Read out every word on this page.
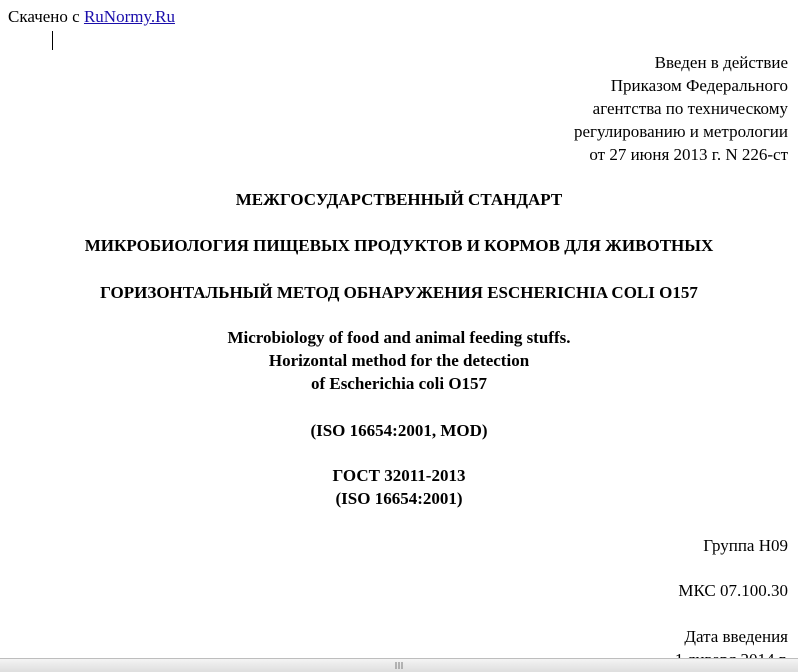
Скачено с RuNormy.Ru
Введен в действие
Приказом Федерального
агентства по техническому
регулированию и метрологии
от 27 июня 2013 г. N 226-ст
МЕЖГОСУДАРСТВЕННЫЙ СТАНДАРТ
МИКРОБИОЛОГИЯ ПИЩЕВЫХ ПРОДУКТОВ И КОРМОВ ДЛЯ ЖИВОТНЫХ
ГОРИЗОНТАЛЬНЫЙ МЕТОД ОБНАРУЖЕНИЯ ESCHERICHIA COLI O157
Microbiology of food and animal feeding stuffs.
Horizontal method for the detection
of Escherichia coli O157
(ISO 16654:2001, MOD)
ГОСТ 32011-2013
(ISO 16654:2001)
Группа Н09
МКС 07.100.30
Дата введения
